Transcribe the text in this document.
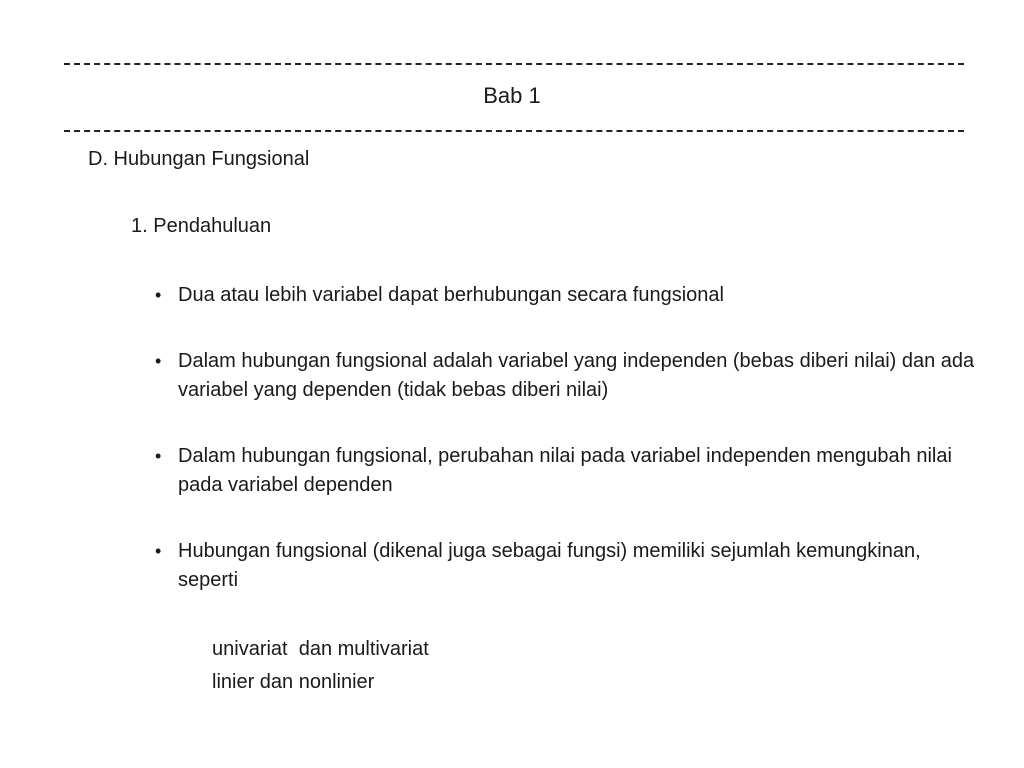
Bab 1
D. Hubungan Fungsional
1. Pendahuluan
• Dua atau lebih variabel dapat berhubungan secara fungsional
• Dalam hubungan fungsional adalah variabel yang independen (bebas diberi nilai) dan ada variabel yang dependen (tidak bebas diberi nilai)
• Dalam hubungan fungsional, perubahan nilai pada variabel independen mengubah nilai pada variabel dependen
• Hubungan fungsional (dikenal juga sebagai fungsi) memiliki sejumlah kemungkinan, seperti
univariat  dan multivariat
linier dan nonlinier
